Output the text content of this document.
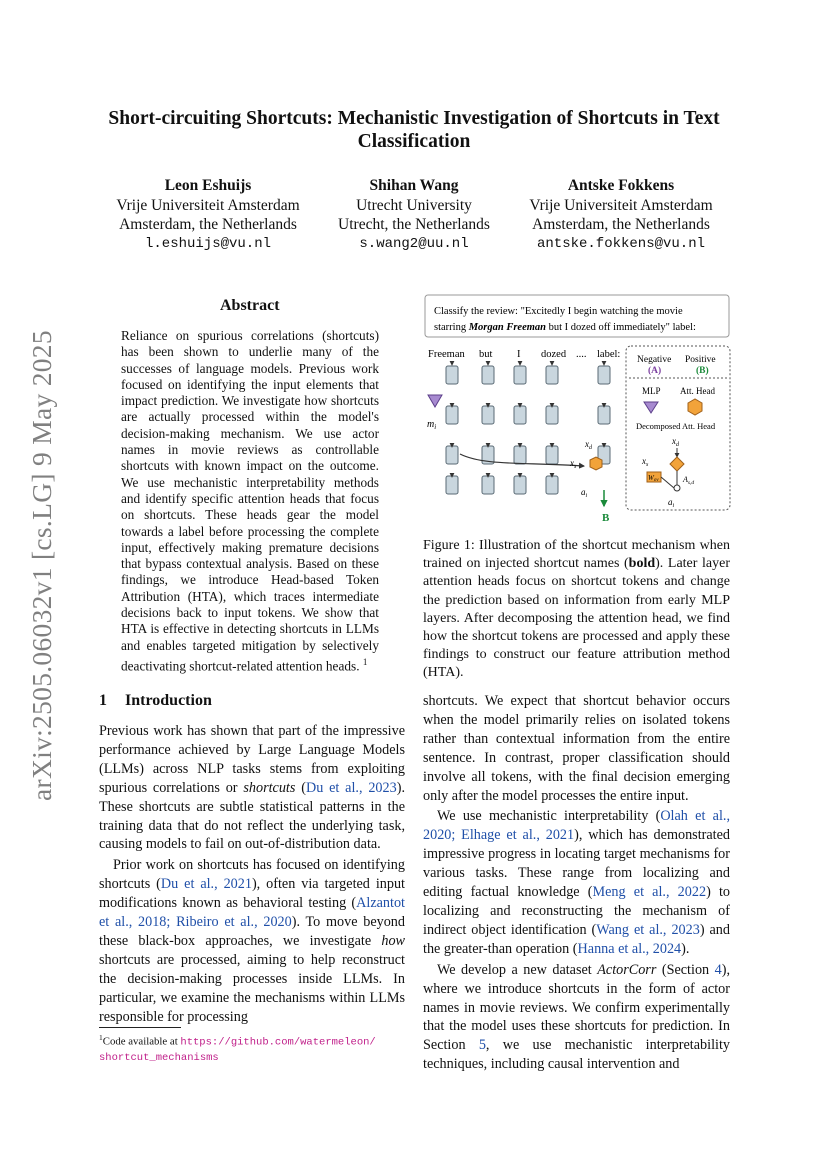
Short-circuiting Shortcuts: Mechanistic Investigation of Shortcuts in Text Classification
Leon Eshuijs
Vrije Universiteit Amsterdam
Amsterdam, the Netherlands
l.eshuijs@vu.nl
Shihan Wang
Utrecht University
Utrecht, the Netherlands
s.wang2@uu.nl
Antske Fokkens
Vrije Universiteit Amsterdam
Amsterdam, the Netherlands
antske.fokkens@vu.nl
arXiv:2505.06032v1 [cs.LG] 9 May 2025
Abstract
Reliance on spurious correlations (shortcuts) has been shown to underlie many of the successes of language models. Previous work focused on identifying the input elements that impact prediction. We investigate how shortcuts are actually processed within the model's decision-making mechanism. We use actor names in movie reviews as controllable shortcuts with known impact on the outcome. We use mechanistic interpretability methods and identify specific attention heads that focus on shortcuts. These heads gear the model towards a label before processing the complete input, effectively making premature decisions that bypass contextual analysis. Based on these findings, we introduce Head-based Token Attribution (HTA), which traces intermediate decisions back to input tokens. We show that HTA is effective in detecting shortcuts in LLMs and enables targeted mitigation by selectively deactivating shortcut-related attention heads. $^1$
Classify the review: "Excitedly I begin watching the movie
starring Morgan Freeman but I dozed off immediately" label:
Freeman but I dozed .... label:
$m_i$
$x_d$
$x_s$
$a_i$
B
Negative
(A)
Positive
(B)
MLP Att. Head
Decomposed Att. Head
$x_d$
$x_s$
Wov	$A_{s,d}$
$a_i$
Figure 1: Illustration of the shortcut mechanism when trained on injected shortcut names (bold). Later layer attention heads focus on shortcut tokens and change the prediction based on information from early MLP layers. After decomposing the attention head, we find how the shortcut tokens are processed and apply these findings to construct our feature attribution method (HTA).
1 Introduction

Previous work has shown that part of the impressive performance achieved by Large Language Models (LLMs) across NLP tasks stems from exploiting spurious correlations or shortcuts (Du et al., 2023). These shortcuts are subtle statistical patterns in the training data that do not reflect the underlying task, causing models to fail on out-of-distribution data.

Prior work on shortcuts has focused on identifying shortcuts (Du et al., 2021), often via targeted input modifications known as behavioral testing (Alzantot et al., 2018; Ribeiro et al., 2020). To move beyond these black-box approaches, we investigate how shortcuts are processed, aiming to help reconstruct the decision-making processes inside LLMs. In particular, we examine the mechanisms within LLMs responsible for processing

$^1$Code available at https://github.com/watermeleon/
shortcut_mechanisms

shortcuts. We expect that shortcut behavior occurs when the model primarily relies on isolated tokens rather than contextual information from the entire sentence. In contrast, proper classification should involve all tokens, with the final decision emerging only after the model processes the entire input.

We use mechanistic interpretability (Olah et al., 2020; Elhage et al., 2021), which has demonstrated impressive progress in locating target mechanisms for various tasks. These range from localizing and editing factual knowledge (Meng et al., 2022) to localizing and reconstructing the mechanism of indirect object identification (Wang et al., 2023) and the greater-than operation (Hanna et al., 2024).

We develop a new dataset ActorCorr (Section 4), where we introduce shortcuts in the form of actor names in movie reviews. We confirm experimentally that the model uses these shortcuts for prediction. In Section 5, we use mechanistic interpretability techniques, including causal intervention and
